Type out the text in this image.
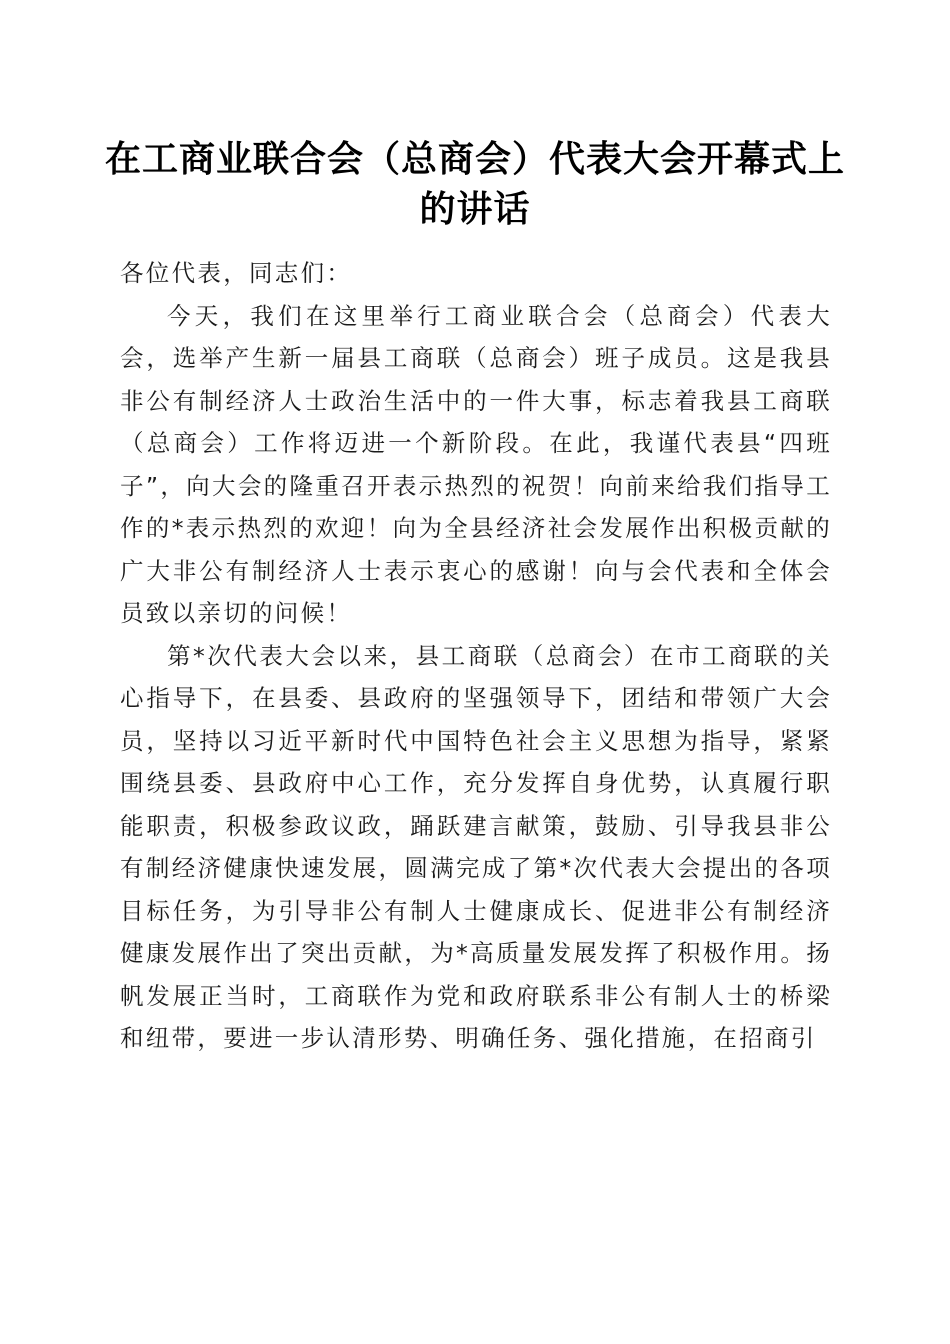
在工商业联合会（总商会）代表大会开幕式上的讲话

各位代表，同志们：

今天，我们在这里举行工商业联合会（总商会）代表大会，选举产生新一届县工商联（总商会）班子成员。这是我县非公有制经济人士政治生活中的一件大事，标志着我县工商联（总商会）工作将迈进一个新阶段。在此，我谨代表县“四班子”，向大会的隆重召开表示热烈的祝贺！向前来给我们指导工作的*表示热烈的欢迎！向为全县经济社会发展作出积极贡献的广大非公有制经济人士表示衷心的感谢！向与会代表和全体会员致以亲切的问候！

第*次代表大会以来，县工商联（总商会）在市工商联的关心指导下，在县委、县政府的坚强领导下，团结和带领广大会员，坚持以习近平新时代中国特色社会主义思想为指导，紧紧围绕县委、县政府中心工作，充分发挥自身优势，认真履行职能职责，积极参政议政，踊跃建言献策，鼓励、引导我县非公有制经济健康快速发展，圆满完成了第*次代表大会提出的各项目标任务，为引导非公有制人士健康成长、促进非公有制经济健康发展作出了突出贡献，为*高质量发展发挥了积极作用。扬帆发展正当时，工商联作为党和政府联系非公有制人士的桥梁和纽带，要进一步认清形势、明确任务、强化措施，在招商引
